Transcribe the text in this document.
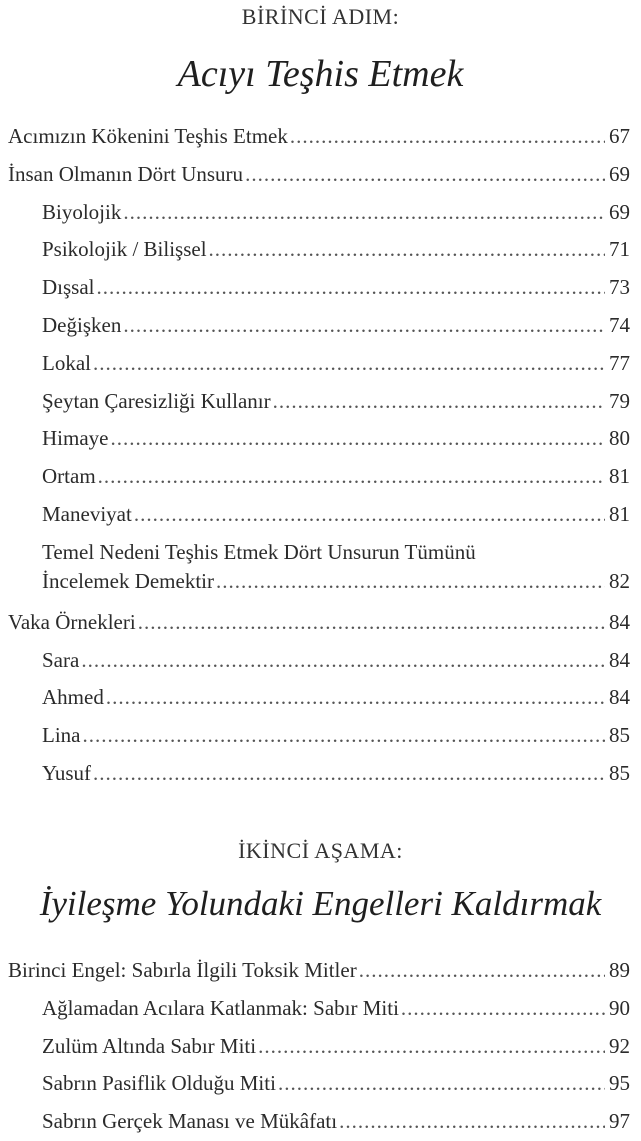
BİRİNCİ ADIM:
Acıyı Teşhis Etmek
Acımızın Kökenini Teşhis Etmek .....	67
İnsan Olmanın Dört Unsuru .....	69
Biyolojik .....	69
Psikolojik / Bilişsel .....	71
Dışsal .....	73
Değişken .....	74
Lokal .....	77
Şeytan Çaresizliği Kullanır .....	79
Himaye .....	80
Ortam .....	81
Maneviyat .....	81
Temel Nedeni Teşhis Etmek Dört Unsurun Tümünü
İncelemek Demektir .....	82
Vaka Örnekleri .....	84
Sara .....	84
Ahmed .....	84
Lina .....	85
Yusuf .....	85
İKİNCİ AŞAMA:
İyileşme Yolundaki Engelleri Kaldırmak
Birinci Engel: Sabırla İlgili Toksik Mitler .....	89
Ağlamadan Acılara Katlanmak: Sabır Miti .....	90
Zulüm Altında Sabır Miti .....	92
Sabrın Pasiflik Olduğu Miti .....	95
Sabrın Gerçek Manası ve Mükâfatı .....	97
